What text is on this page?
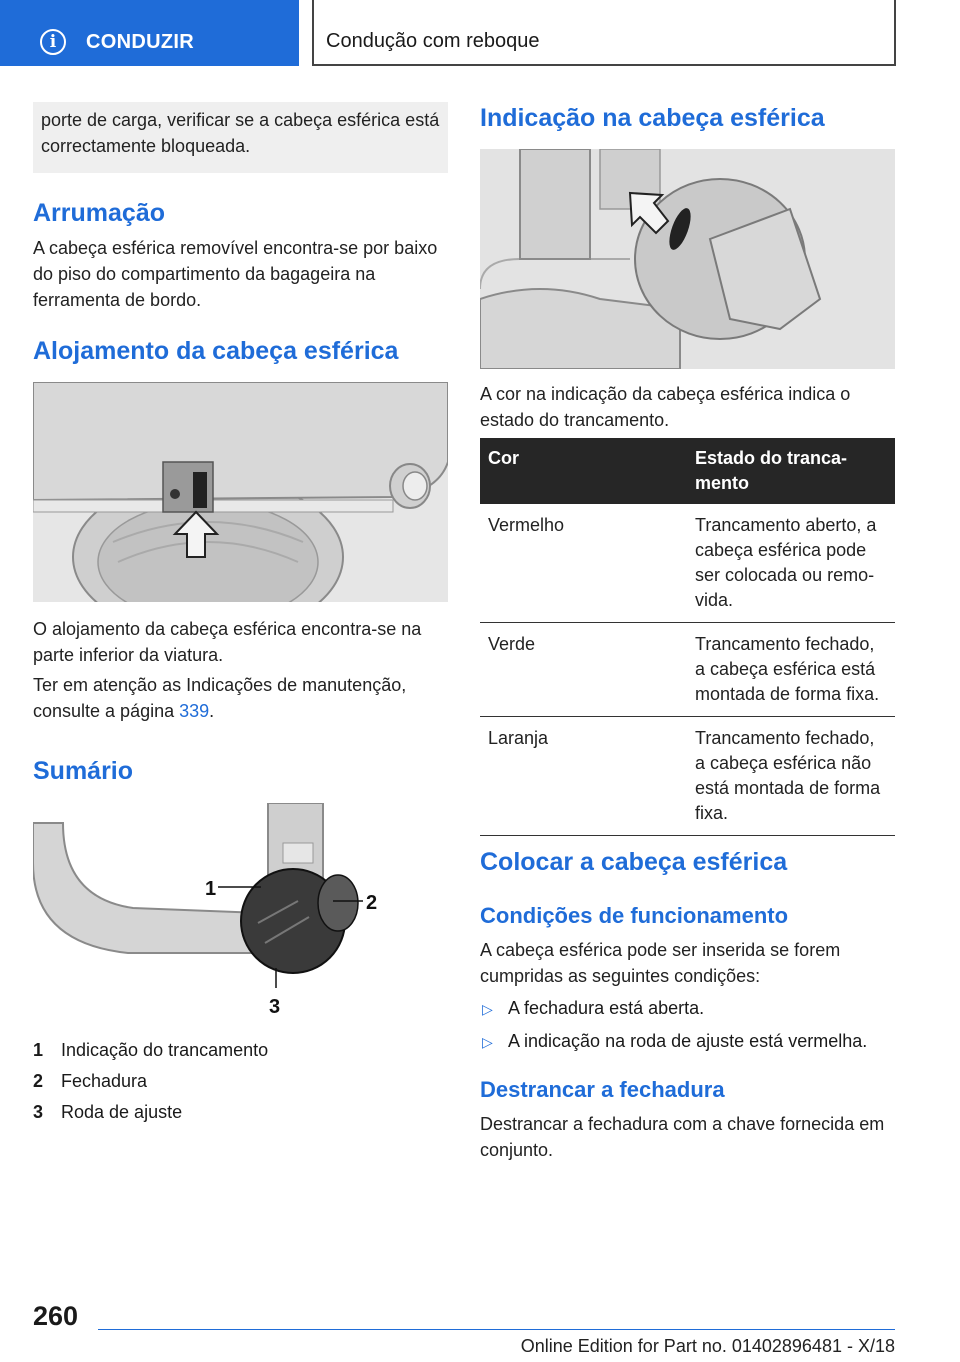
i	CONDUZIR	Condução com reboque
porte de carga, verificar se a cabeça esférica está correctamente bloqueada.
Arrumação
A cabeça esférica removível encontra-se por baixo do piso do compartimento da bagageira na ferramenta de bordo.
Alojamento da cabeça esférica
O alojamento da cabeça esférica encontra-se na parte inferior da viatura.
Ter em atenção as Indicações de manutenção, consulte a página 339.
Sumário
1
2
3
1 Indicação do trancamento
2 Fechadura
3 Roda de ajuste
Indicação na cabeça esférica
A cor na indicação da cabeça esférica indica o estado do trancamento.
Cor	Estado do tranca-
mento
Vermelho	Trancamento aberto, a cabeça esférica pode ser colocada ou remo-vida.
Verde	Trancamento fechado, a cabeça esférica está montada de forma fixa.
Laranja	Trancamento fechado, a cabeça esférica não está montada de forma fixa.
Colocar a cabeça esférica
Condições de funcionamento
A cabeça esférica pode ser inserida se forem cumpridas as seguintes condições:
▷ A fechadura está aberta.
▷ A indicação na roda de ajuste está vermelha.
Destrancar a fechadura
Destrancar a fechadura com a chave fornecida em conjunto.
260
Online Edition for Part no. 01402896481 - X/18
